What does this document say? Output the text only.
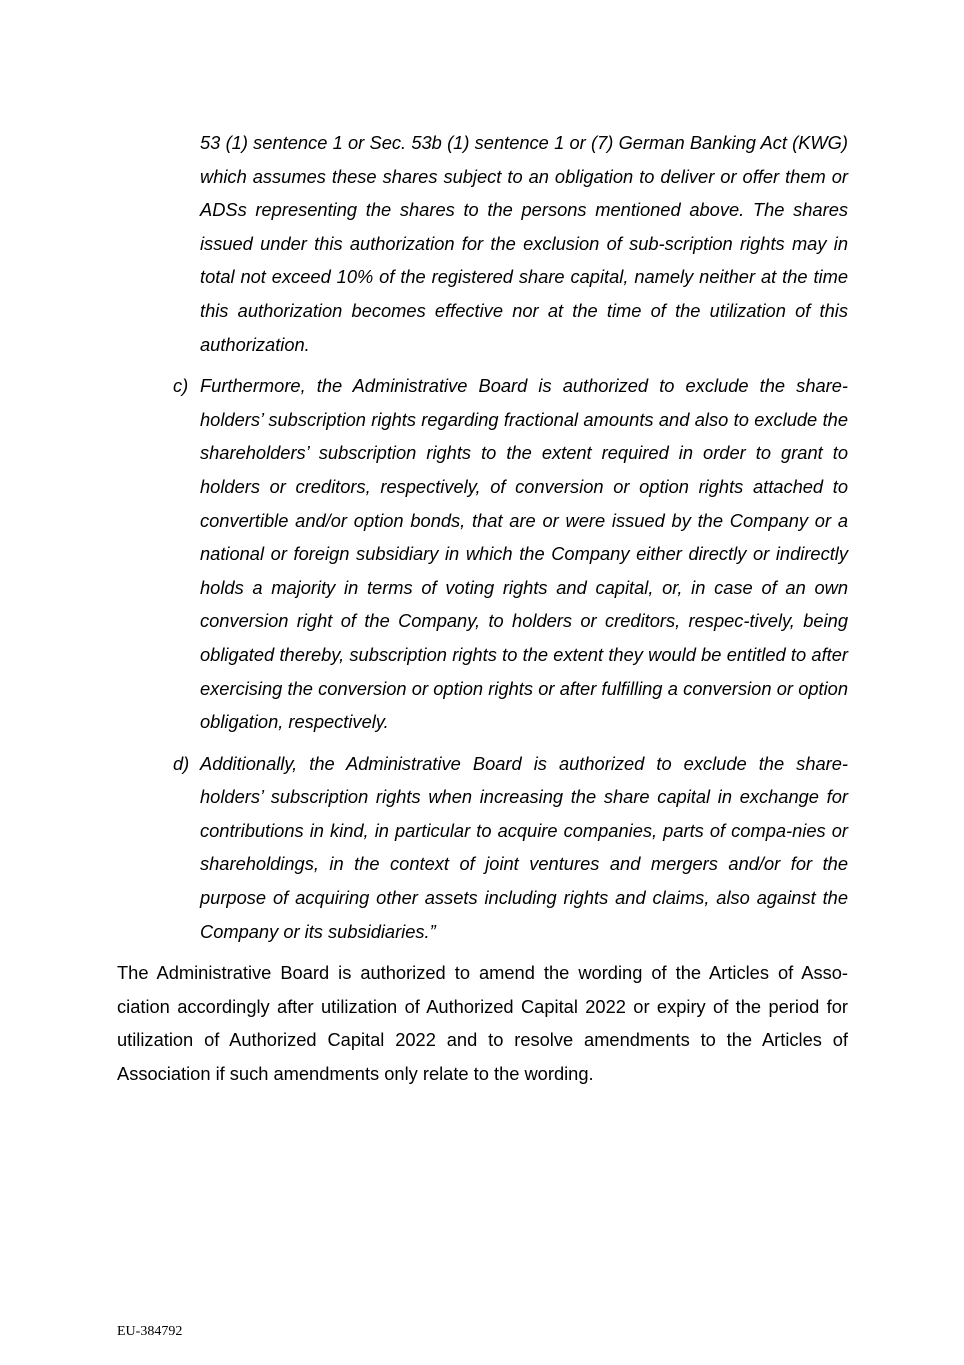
53 (1) sentence 1 or Sec. 53b (1) sentence 1 or (7) German Banking Act (KWG) which assumes these shares subject to an obligation to deliver or offer them or ADSs representing the shares to the persons mentioned above. The shares issued under this authorization for the exclusion of sub-scription rights may in total not exceed 10% of the registered share capital, namely neither at the time this authorization becomes effective nor at the time of the utilization of this authorization.

c) Furthermore, the Administrative Board is authorized to exclude the share-holders’ subscription rights regarding fractional amounts and also to exclude the shareholders’ subscription rights to the extent required in order to grant to holders or creditors, respectively, of conversion or option rights attached to convertible and/or option bonds, that are or were issued by the Company or a national or foreign subsidiary in which the Company either directly or indirectly holds a majority in terms of voting rights and capital, or, in case of an own conversion right of the Company, to holders or creditors, respec-tively, being obligated thereby, subscription rights to the extent they would be entitled to after exercising the conversion or option rights or after fulfilling a conversion or option obligation, respectively.

d) Additionally, the Administrative Board is authorized to exclude the share-holders’ subscription rights when increasing the share capital in exchange for contributions in kind, in particular to acquire companies, parts of compa-nies or shareholdings, in the context of joint ventures and mergers and/or for the purpose of acquiring other assets including rights and claims, also against the Company or its subsidiaries.”

The Administrative Board is authorized to amend the wording of the Articles of Asso-ciation accordingly after utilization of Authorized Capital 2022 or expiry of the period for utilization of Authorized Capital 2022 and to resolve amendments to the Articles of Association if such amendments only relate to the wording.

EU-384792
